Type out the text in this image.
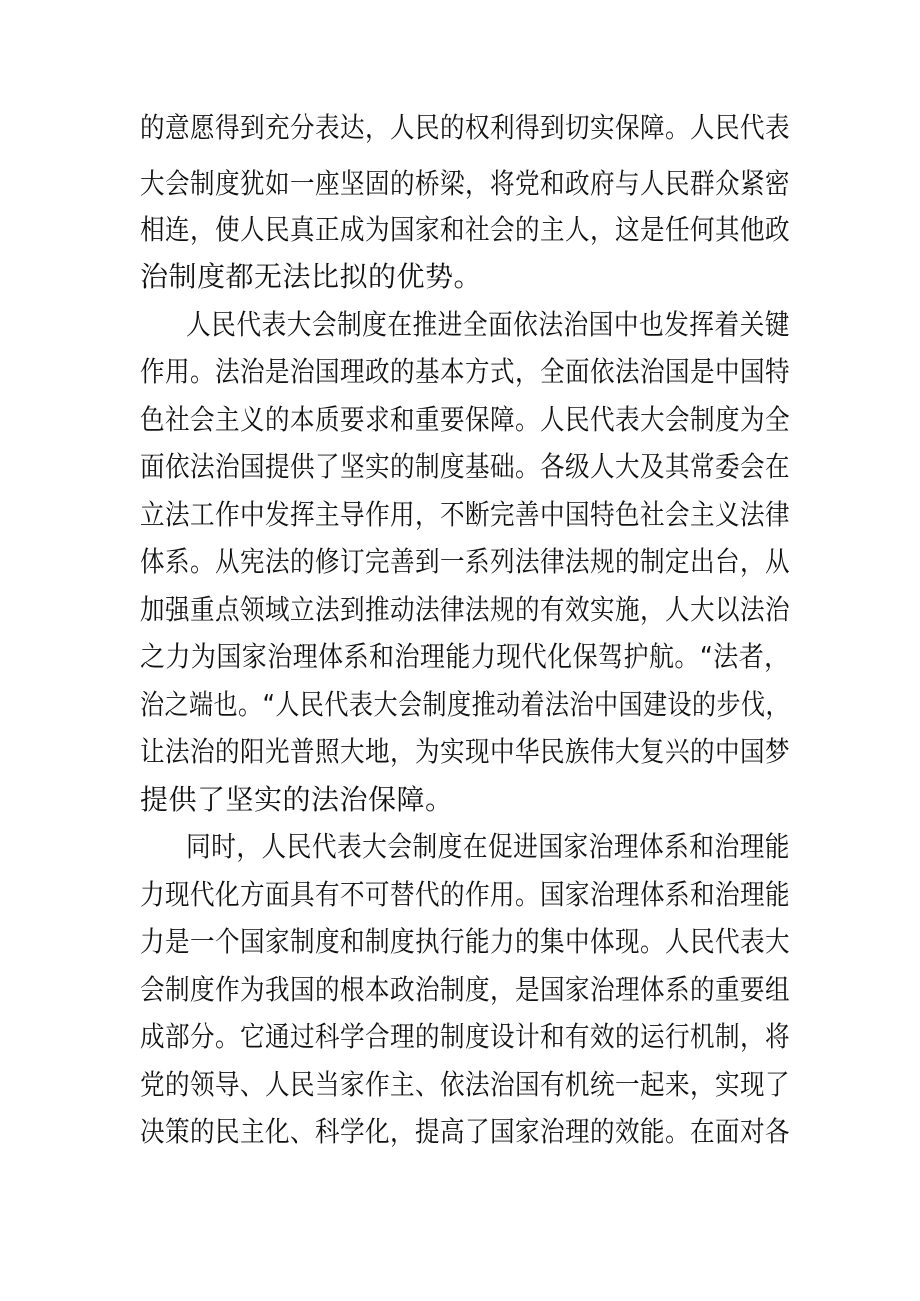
的意愿得到充分表达，人民的权利得到切实保障。人民代表
大会制度犹如一座坚固的桥梁，将党和政府与人民群众紧密
相连，使人民真正成为国家和社会的主人，这是任何其他政
治制度都无法比拟的优势。
人民代表大会制度在推进全面依法治国中也发挥着关键
作用。法治是治国理政的基本方式，全面依法治国是中国特
色社会主义的本质要求和重要保障。人民代表大会制度为全
面依法治国提供了坚实的制度基础。各级人大及其常委会在
立法工作中发挥主导作用，不断完善中国特色社会主义法律
体系。从宪法的修订完善到一系列法律法规的制定出台，从
加强重点领域立法到推动法律法规的有效实施，人大以法治
之力为国家治理体系和治理能力现代化保驾护航。“法者，
治之端也。“人民代表大会制度推动着法治中国建设的步伐，
让法治的阳光普照大地，为实现中华民族伟大复兴的中国梦
提供了坚实的法治保障。
同时，人民代表大会制度在促进国家治理体系和治理能
力现代化方面具有不可替代的作用。国家治理体系和治理能
力是一个国家制度和制度执行能力的集中体现。人民代表大
会制度作为我国的根本政治制度，是国家治理体系的重要组
成部分。它通过科学合理的制度设计和有效的运行机制，将
党的领导、人民当家作主、依法治国有机统一起来，实现了
决策的民主化、科学化，提高了国家治理的效能。在面对各
